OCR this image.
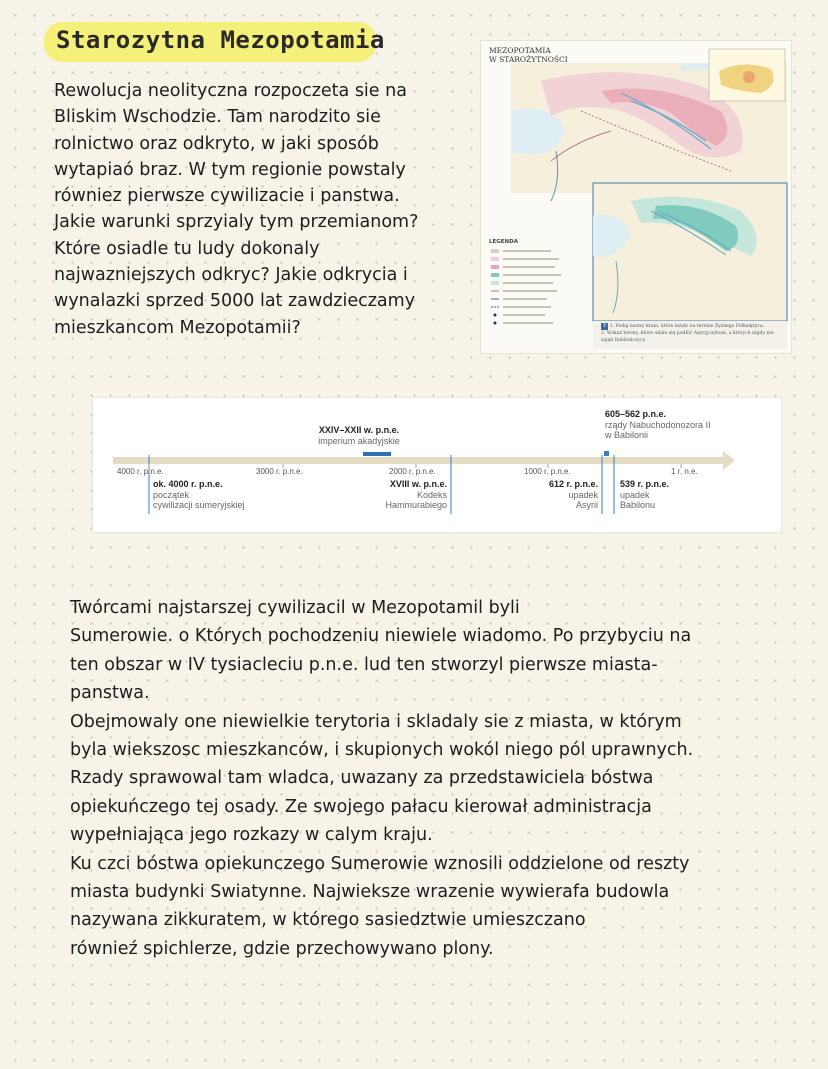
Starozytna Mezopotamia
Rewolucja neolityczna rozpoczeta sie na
Bliskim Wschodzie. Tam narodzito sie
rolnictwo oraz odkryto, w jaki sposób
wytapiaó braz. W tym regionie powstaly
równiez pierwsze cywilizacie i panstwa.
Jakie warunki sprzyialy tym przemianom?
Które osiadle tu ludy dokonaly
najwazniejszych odkryc? Jakie odkrycia i
wynalazki sprzed 5000 lat zawdzieczamy
mieszkancom Mezopotamii?
MEZOPOTAMIA
W STAROŻYTNOŚCI
LEGENDA
? 1. Podaj nazwy krain, które leżały na terenie Żyznego Półksiężyca.
2. Wskaż tereny, które udało się podbić Asyryjczykom, a których nigdy nie
zajęli Babilończycy.
4000 r. p.n.e.	3000 r. p.n.e.	2000 r. p.n.e.	1000 r. p.n.e.	1 r. n.e.
ok. 4000 r. p.n.e.
początek
cywilizacji sumeryjskiej
XXIV–XXII w. p.n.e.
imperium akadyjskie
XVIII w. p.n.e.
Kodeks
Hammurabiego
612 r. p.n.e.
upadek
Asyrii
605–562 p.n.e.
rządy Nabuchodonozora II
w Babilonii
539 r. p.n.e.
upadek
Babilonu
Twórcami najstarszej cywilizacil w Mezopotamil byli
Sumerowie. o Których pochodzeniu niewiele wiadomo. Po przybyciu na
ten obszar w IV tysiacleciu p.n.e. lud ten stworzyl pierwsze miasta-
panstwa.
Obejmowaly one niewielkie terytoria i skladaly sie z miasta, w którym
byla wiekszosc mieszkanców, i skupionych wokól niego pól uprawnych.
Rzady sprawowal tam wladca, uwazany za przedstawiciela bóstwa
opiekuńczego tej osady. Ze swojego pałacu kierował administracja
wypełniająca jego rozkazy w calym kraju.
Ku czci bóstwa opiekunczego Sumerowie wznosili oddzielone od reszty
miasta budynki Swiatynne. Najwieksze wrazenie wywierafa budowla
nazywana zikkuratem, w którego sasiedztwie umieszczano
równieź spichlerze, gdzie przechowywano plony.
